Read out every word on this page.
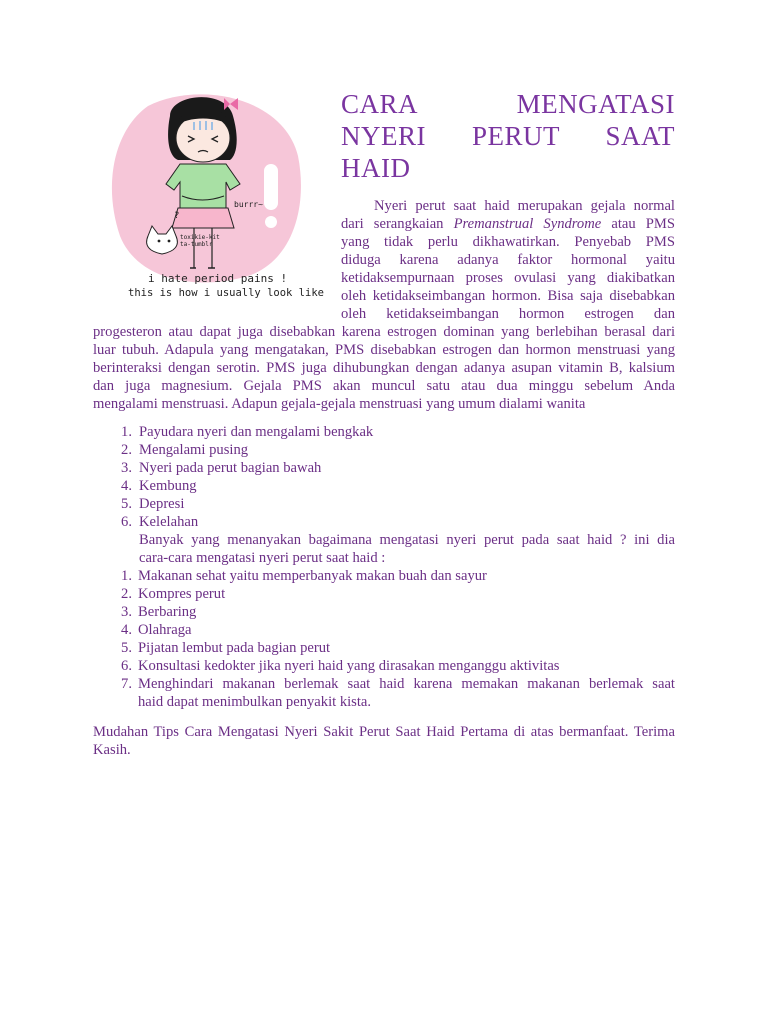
?
burrr~
toxikie-kitta-tumblr
i hate period pains !
this is how i usually look like
CARA MENGATASI
NYERI PERUT SAAT
HAID
Nyeri perut saat haid merupakan gejala normal
dari serangkaian Premanstrual Syndrome atau PMS
yang tidak perlu dikhawatirkan. Penyebab PMS
diduga karena adanya faktor hormonal yaitu
ketidaksempurnaan proses ovulasi yang diakibatkan
oleh ketidakseimbangan hormon. Bisa saja disebabkan
oleh ketidakseimbangan hormon estrogen dan
progesteron atau dapat juga disebabkan karena estrogen dominan yang berlebihan berasal dari
luar tubuh. Adapula yang mengatakan, PMS disebabkan estrogen dan hormon menstruasi yang
berinteraksi dengan serotin. PMS juga dihubungkan dengan adanya asupan vitamin B, kalsium
dan juga magnesium. Gejala PMS akan muncul satu atau dua minggu sebelum Anda
mengalami menstruasi. Adapun gejala-gejala menstruasi yang umum dialami wanita
1. Payudara nyeri dan mengalami bengkak
2. Mengalami pusing
3. Nyeri pada perut bagian bawah
4. Kembung
5. Depresi
6. Kelelahan
Banyak yang menanyakan bagaimana mengatasi nyeri perut pada saat haid ? ini dia
cara-cara mengatasi nyeri perut saat haid :
1. Makanan sehat yaitu memperbanyak makan buah dan sayur
2. Kompres perut
3. Berbaring
4. Olahraga
5. Pijatan lembut pada bagian perut
6. Konsultasi kedokter jika nyeri haid yang dirasakan menganggu aktivitas
7. Menghindari makanan berlemak saat haid karena memakan makanan berlemak saat
haid dapat menimbulkan penyakit kista.
Mudahan Tips Cara Mengatasi Nyeri Sakit Perut Saat Haid Pertama di atas bermanfaat. Terima
Kasih.
